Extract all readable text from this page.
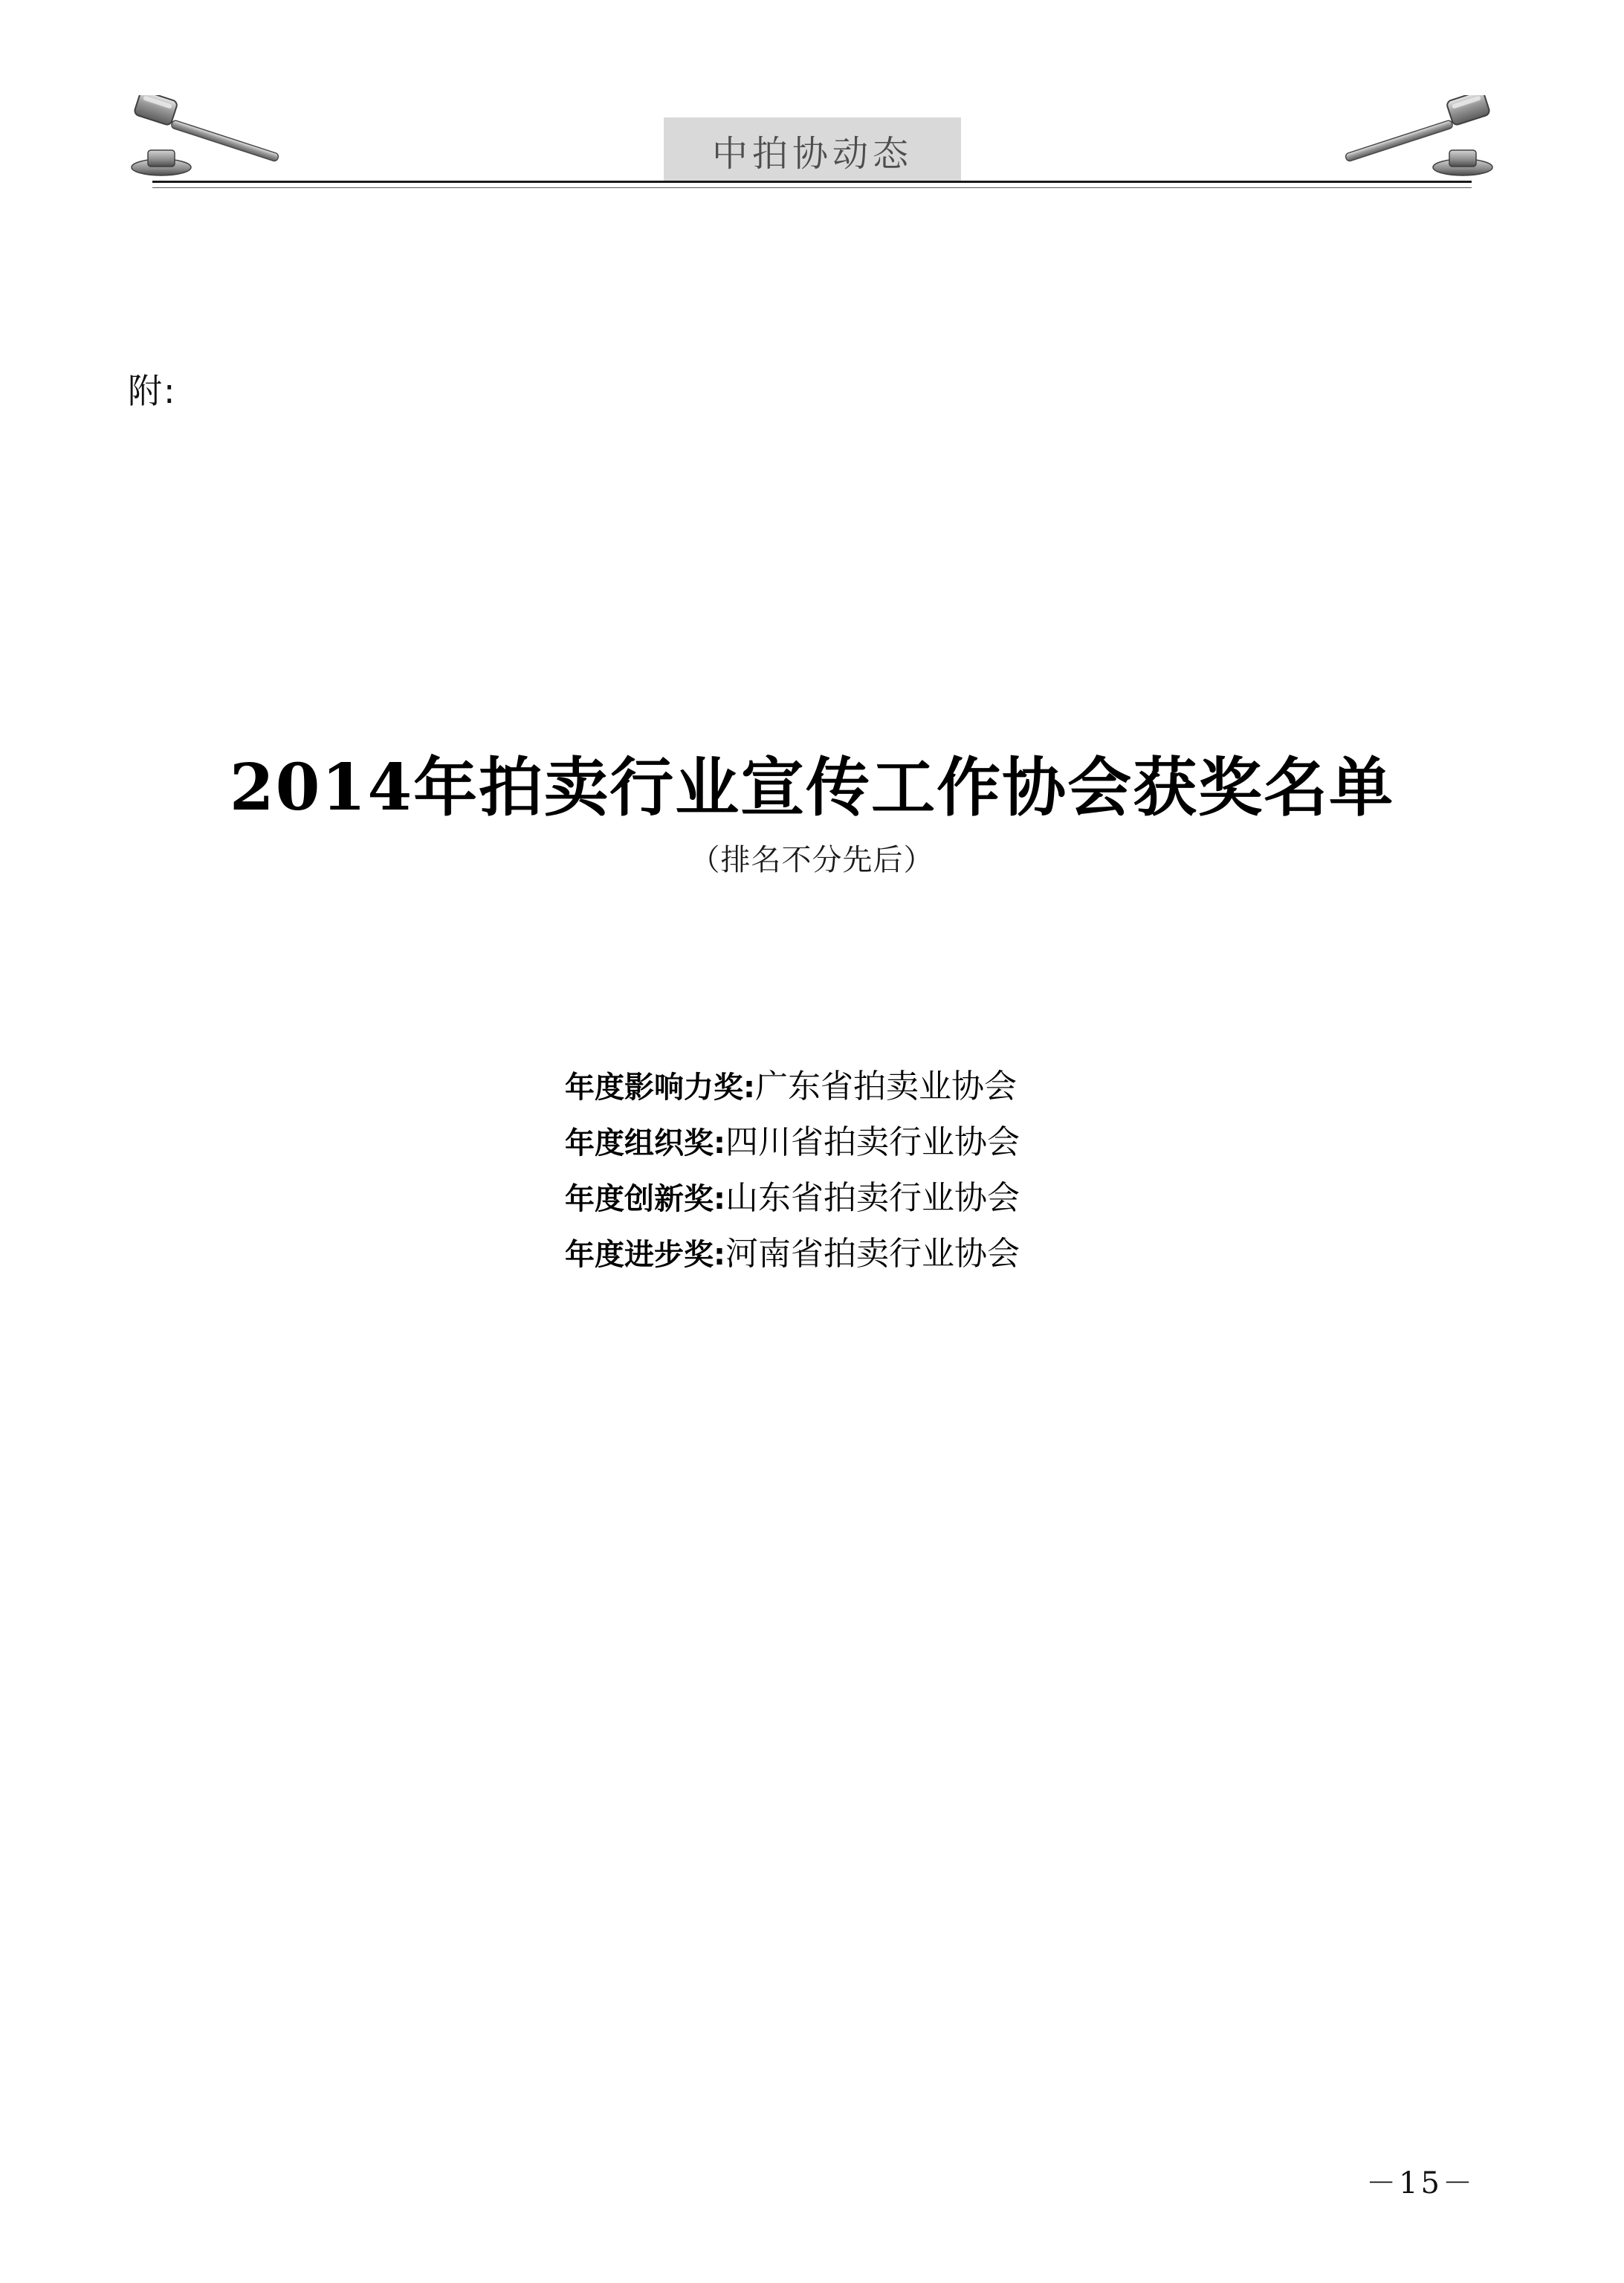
中拍协动态
附:
2014年拍卖行业宣传工作协会获奖名单
（排名不分先后）
年度影响力奖:广东省拍卖业协会
年度组织奖:四川省拍卖行业协会
年度创新奖:山东省拍卖行业协会
年度进步奖:河南省拍卖行业协会
－15－
